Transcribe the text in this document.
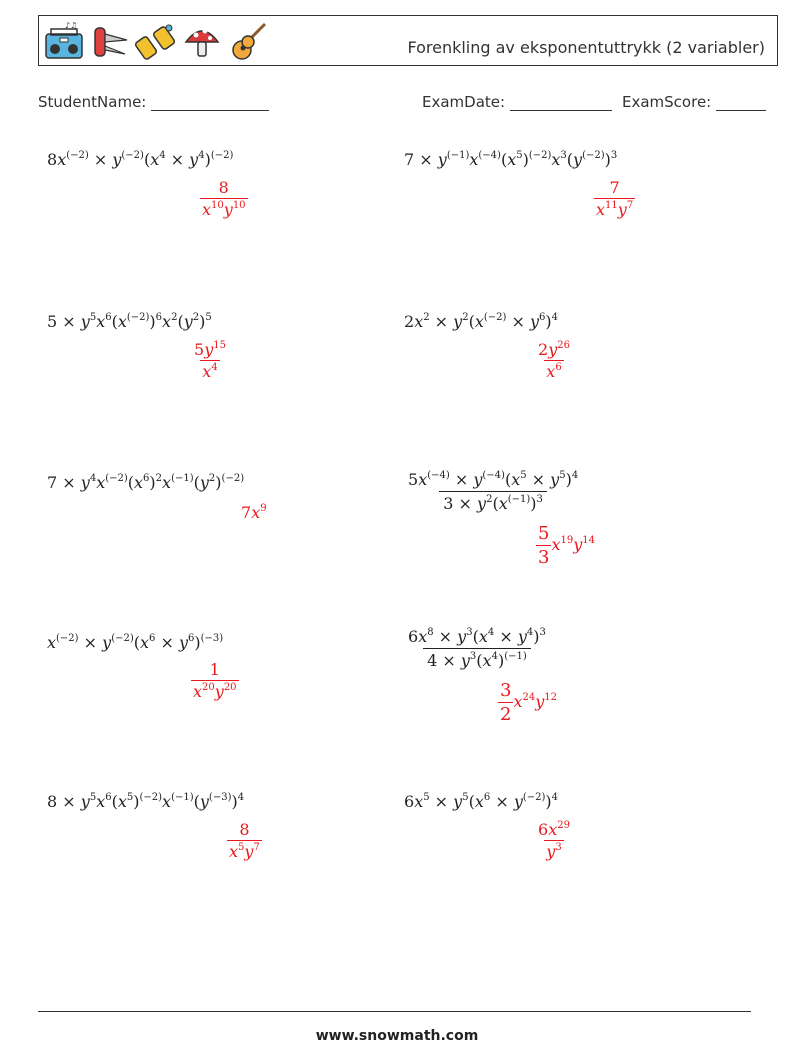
♪♫
Forenkling av eksponentuttrykk (2 variabler)
StudentName:	ExamDate:	ExamScore:
$8x^{(-2)} \times y^{(-2)}(x^4 \times y^4)^{(-2)}$
$\frac{8}{x^{10}y^{10}}$
$7 \times y^{(-1)}x^{(-4)}(x^5)^{(-2)}x^3(y^{(-2)})^3$
$\frac{7}{x^{11}y^7}$
$5 \times y^5x^6(x^{(-2)})^6x^2(y^2)^5$
$\frac{5y^{15}}{x^4}$
$2x^2 \times y^2(x^{(-2)} \times y^6)^4$
$\frac{2y^{26}}{x^6}$
$7 \times y^4x^{(-2)}(x^6)^2x^{(-1)}(y^2)^{(-2)}$
$7x^9$	$\frac{5x^{(-4)} \times y^{(-4)}(x^5 \times y^5)^4}{3 \times y^2(x^{(-1)})^3}$
$\frac{5}{3} x^{19}y^{14}$
$x^{(-2)} \times y^{(-2)}(x^6 \times y^6)^{(-3)}$
$\frac{1}{x^{20}y^{20}}$
$\frac{6x^8 \times y^3(x^4 \times y^4)^3}{4 \times y^3(x^4)^{(-1)}}$
$\frac{3}{2} x^{24}y^{12}$
$8 \times y^5x^6(x^5)^{(-2)}x^{(-1)}(y^{(-3)})^4$
$\frac{8}{x^5y^7}$
$6x^5 \times y^5(x^6 \times y^{(-2)})^4$
$\frac{6x^{29}}{y^3}$
www.snowmath.com
